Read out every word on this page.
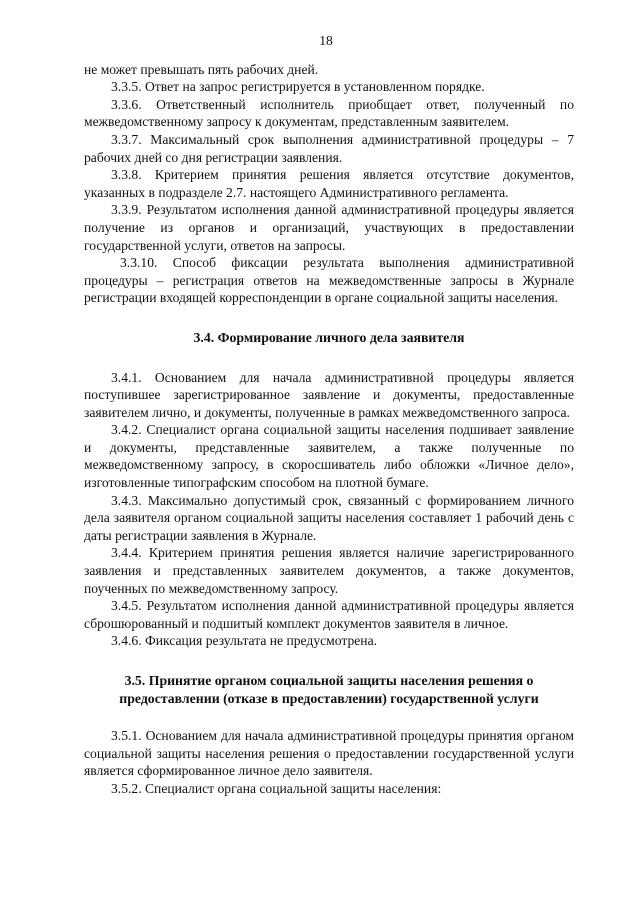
18

не может превышать пять рабочих дней.

3.3.5. Ответ на запрос регистрируется в установленном порядке.

3.3.6. Ответственный исполнитель приобщает ответ, полученный по межведомственному запросу к документам, представленным заявителем.

3.3.7. Максимальный срок выполнения административной процедуры – 7 рабочих дней со дня регистрации заявления.

3.3.8. Критерием принятия решения является отсутствие документов, указанных в подразделе 2.7. настоящего Административного регламента.

3.3.9. Результатом исполнения данной административной процедуры является получение из органов и организаций, участвующих в предоставлении государственной услуги, ответов на запросы.

3.3.10. Способ фиксации результата выполнения административной процедуры – регистрация ответов на межведомственные запросы в Журнале регистрации входящей корреспонденции в органе социальной защиты населения.

3.4. Формирование личного дела заявителя

3.4.1. Основанием для начала административной процедуры является поступившее зарегистрированное заявление и документы, предоставленные заявителем лично, и документы, полученные в рамках межведомственного запроса.

3.4.2. Специалист органа социальной защиты населения подшивает заявление и документы, представленные заявителем, а также полученные по межведомственному запросу, в скоросшиватель либо обложки «Личное дело», изготовленные типографским способом на плотной бумаге.

3.4.3. Максимально допустимый срок, связанный с формированием личного дела заявителя органом социальной защиты населения составляет 1 рабочий день с даты регистрации заявления в Журнале.

3.4.4. Критерием принятия решения является наличие зарегистрированного заявления и представленных заявителем документов, а также документов, поученных по межведомственному запросу.

3.4.5. Результатом исполнения данной административной процедуры является сброшюрованный и подшитый комплект документов заявителя в личное.

3.4.6. Фиксация результата не предусмотрена.

3.5. Принятие органом социальной защиты населения решения о предоставлении (отказе в предоставлении) государственной услуги

3.5.1. Основанием для начала административной процедуры принятия органом социальной защиты населения решения о предоставлении государственной услуги является сформированное личное дело заявителя.

3.5.2. Специалист органа социальной защиты населения:
